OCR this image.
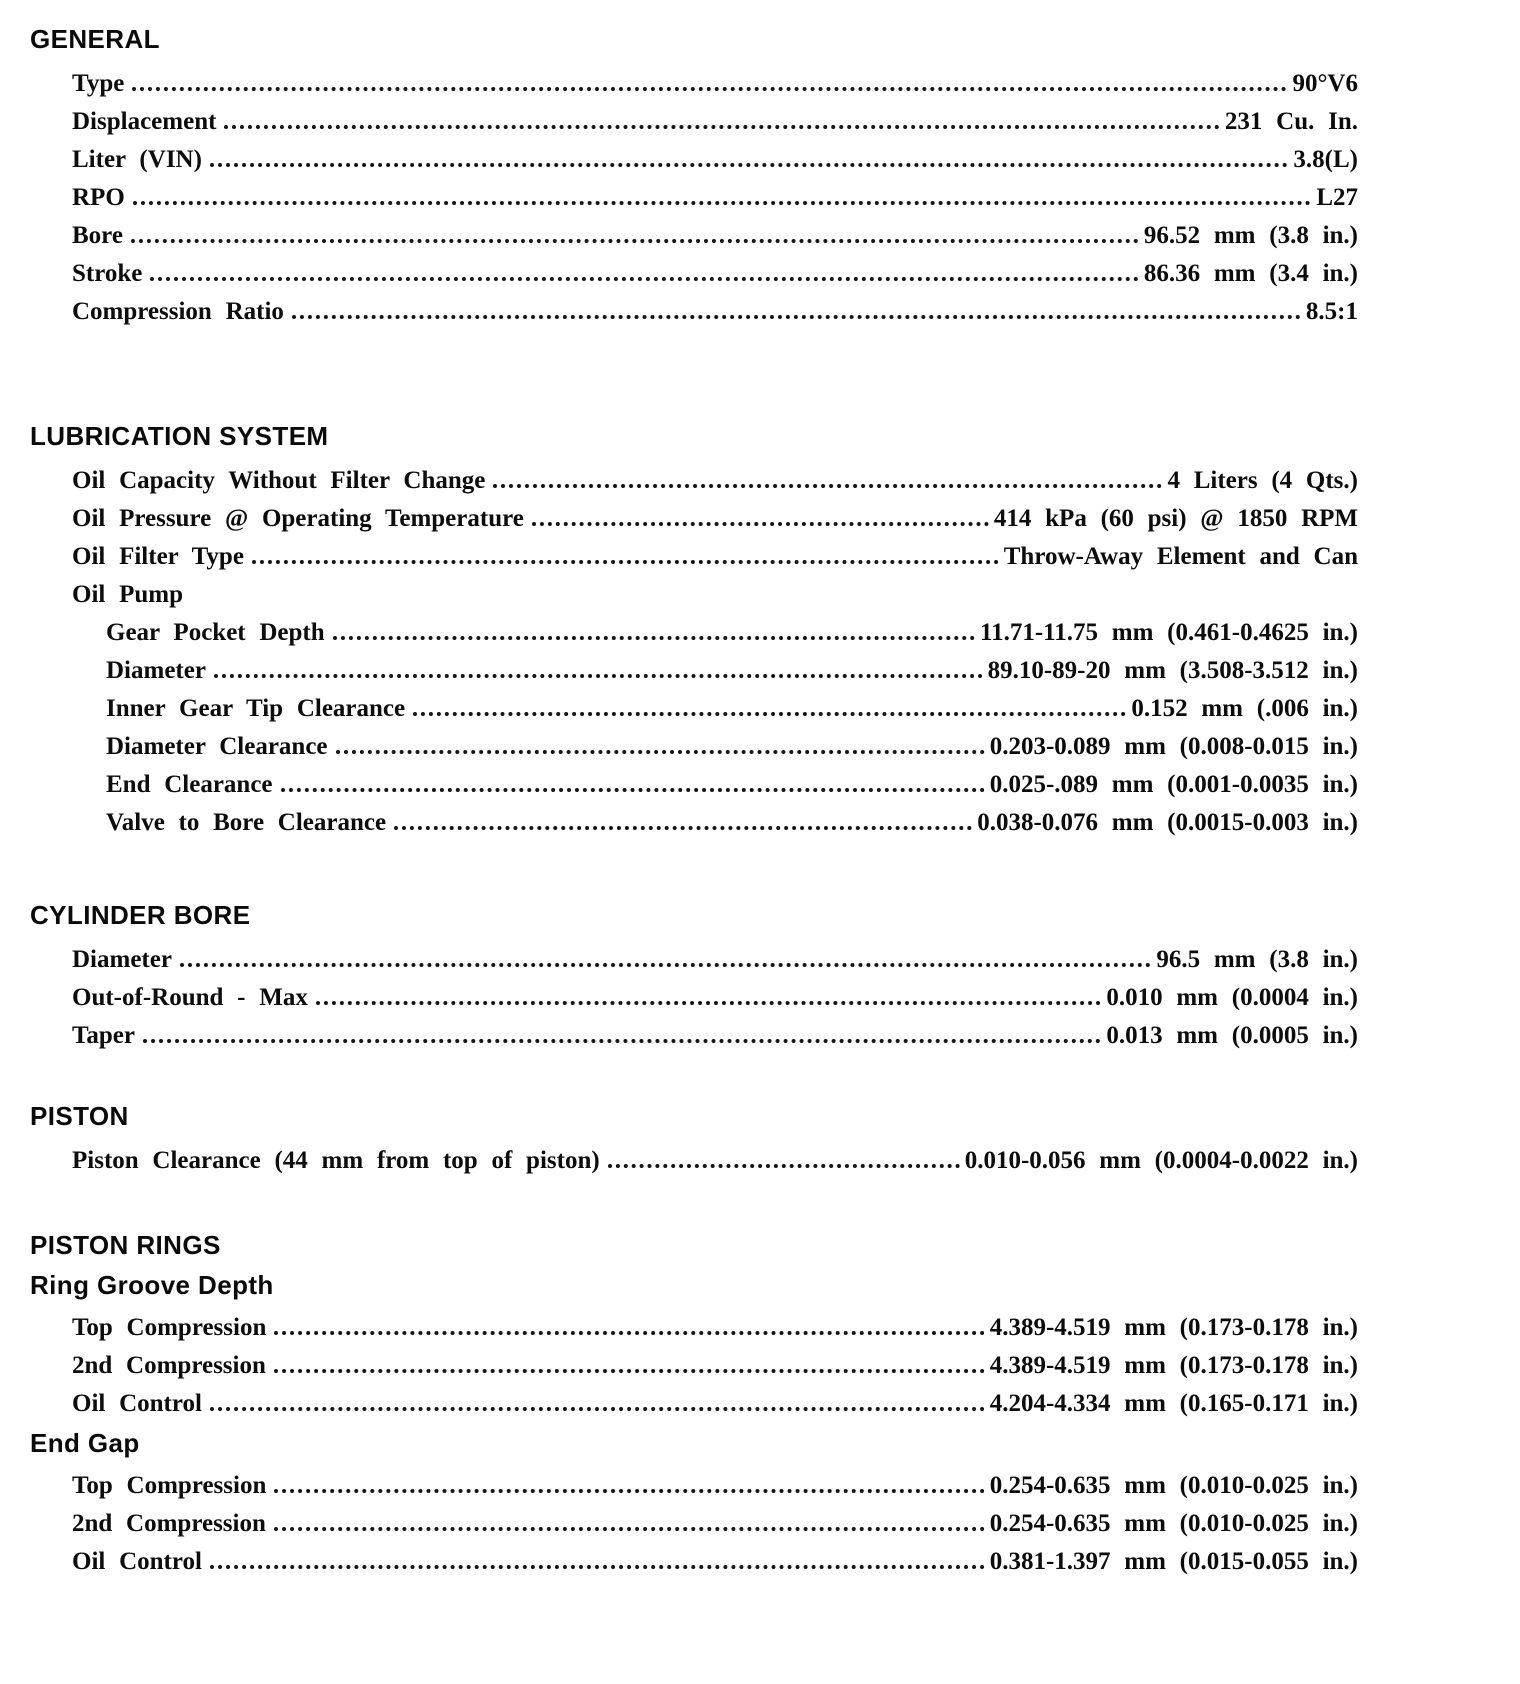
GENERAL
Type	90°V6
Displacement	231 Cu. In.
Liter (VIN)	3.8(L)
RPO	L27
Bore	96.52 mm (3.8 in.)
Stroke	86.36 mm (3.4 in.)
Compression Ratio	8.5:1
LUBRICATION SYSTEM
Oil Capacity Without Filter Change	4 Liters (4 Qts.)
Oil Pressure @ Operating Temperature	414 kPa (60 psi) @ 1850 RPM
Oil Filter Type	Throw-Away Element and Can
Oil Pump
Gear Pocket Depth	11.71-11.75 mm (0.461-0.4625 in.)
Diameter	89.10-89-20 mm (3.508-3.512 in.)
Inner Gear Tip Clearance	0.152 mm (.006 in.)
Diameter Clearance	0.203-0.089 mm (0.008-0.015 in.)
End Clearance	0.025-.089 mm (0.001-0.0035 in.)
Valve to Bore Clearance	0.038-0.076 mm (0.0015-0.003 in.)
CYLINDER BORE
Diameter	96.5 mm (3.8 in.)
Out-of-Round - Max	0.010 mm (0.0004 in.)
Taper	0.013 mm (0.0005 in.)
PISTON
Piston Clearance (44 mm from top of piston)	0.010-0.056 mm (0.0004-0.0022 in.)
PISTON RINGS
Ring Groove Depth
Top Compression	4.389-4.519 mm (0.173-0.178 in.)
2nd Compression	4.389-4.519 mm (0.173-0.178 in.)
Oil Control	4.204-4.334 mm (0.165-0.171 in.)
End Gap
Top Compression	0.254-0.635 mm (0.010-0.025 in.)
2nd Compression	0.254-0.635 mm (0.010-0.025 in.)
Oil Control	0.381-1.397 mm (0.015-0.055 in.)
